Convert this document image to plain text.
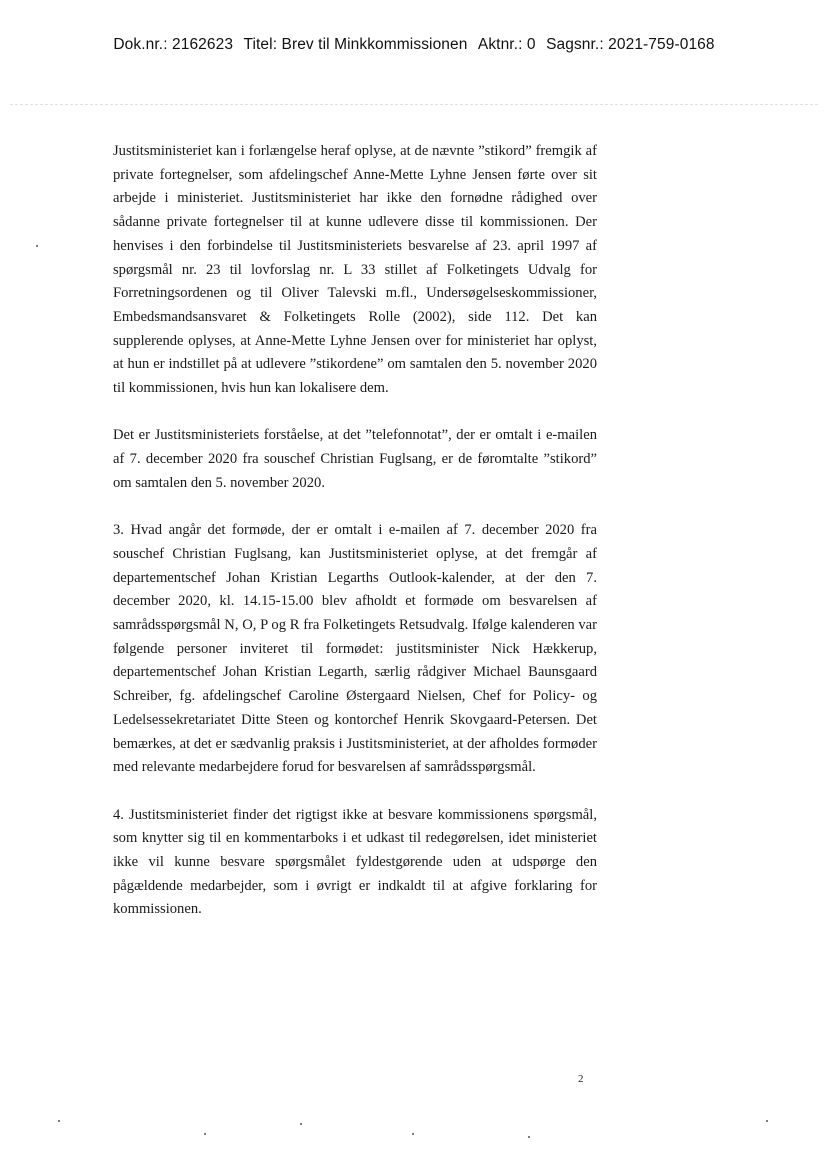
Dok.nr.: 2162623 Titel: Brev til Minkkommissionen Aktnr.: 0 Sagsnr.: 2021-759-0168

Justitsministeriet kan i forlængelse heraf oplyse, at de nævnte ”stikord” fremgik af private fortegnelser, som afdelingschef Anne-Mette Lyhne Jensen førte over sit arbejde i ministeriet. Justitsministeriet har ikke den fornødne rådighed over sådanne private fortegnelser til at kunne udlevere disse til kommissionen. Der henvises i den forbindelse til Justitsministeriets besvarelse af 23. april 1997 af spørgsmål nr. 23 til lovforslag nr. L 33 stillet af Folketingets Udvalg for Forretningsordenen og til Oliver Talevski m.fl., Undersøgelseskommissioner, Embedsmandsansvaret & Folketingets Rolle (2002), side 112. Det kan supplerende oplyses, at Anne-Mette Lyhne Jensen over for ministeriet har oplyst, at hun er indstillet på at udlevere ”stikordene” om samtalen den 5. november 2020 til kommissionen, hvis hun kan lokalisere dem.

Det er Justitsministeriets forståelse, at det ”telefonnotat”, der er omtalt i e-mailen af 7. december 2020 fra souschef Christian Fuglsang, er de føromtalte ”stikord” om samtalen den 5. november 2020.

3. Hvad angår det formøde, der er omtalt i e-mailen af 7. december 2020 fra souschef Christian Fuglsang, kan Justitsministeriet oplyse, at det fremgår af departementschef Johan Kristian Legarths Outlook-kalender, at der den 7. december 2020, kl. 14.15-15.00 blev afholdt et formøde om besvarelsen af samrådsspørgsmål N, O, P og R fra Folketingets Retsudvalg. Ifølge kalenderen var følgende personer inviteret til formødet: justitsminister Nick Hækkerup, departementschef Johan Kristian Legarth, særlig rådgiver Michael Baunsgaard Schreiber, fg. afdelingschef Caroline Østergaard Nielsen, Chef for Policy- og Ledelsessekretariatet Ditte Steen og kontorchef Henrik Skovgaard-Petersen. Det bemærkes, at det er sædvanlig praksis i Justitsministeriet, at der afholdes formøder med relevante medarbejdere forud for besvarelsen af samrådsspørgsmål.

4. Justitsministeriet finder det rigtigst ikke at besvare kommissionens spørgsmål, som knytter sig til en kommentarboks i et udkast til redegørelsen, idet ministeriet ikke vil kunne besvare spørgsmålet fyldestgørende uden at udspørge den pågældende medarbejder, som i øvrigt er indkaldt til at afgive forklaring for kommissionen.

2
